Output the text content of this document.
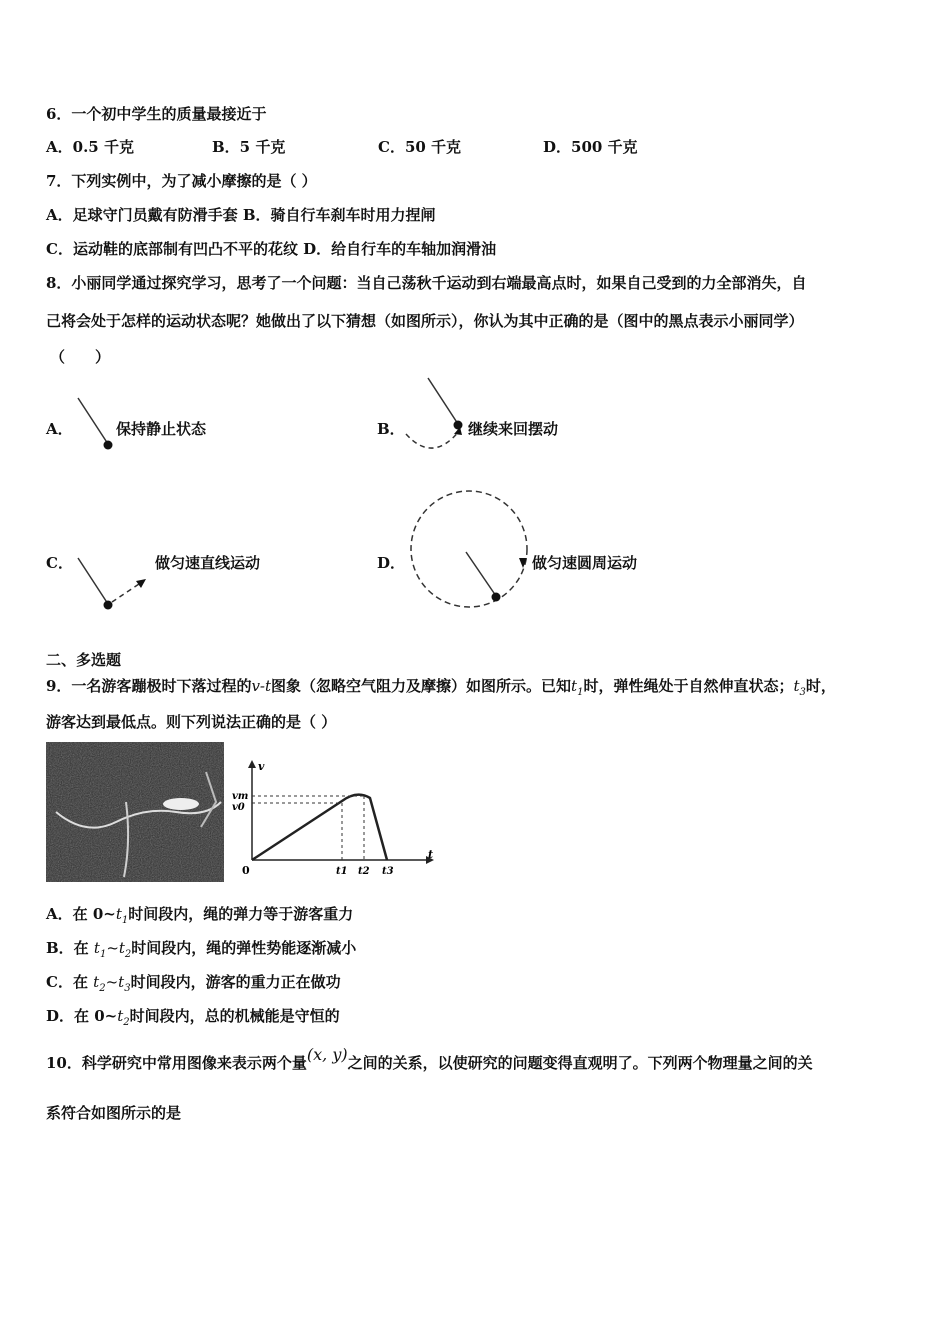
6．一个初中学生的质量最接近于
A．0.5 千克	B．5 千克	C．50 千克	D．500 千克
7．下列实例中，为了减小摩擦的是（ ）
A．足球守门员戴有防滑手套 B．骑自行车刹车时用力捏闸
C．运动鞋的底部制有凹凸不平的花纹 D．给自行车的车轴加润滑油
8．小丽同学通过探究学习，思考了一个问题：当自己荡秋千运动到右端最高点时，如果自己受到的力全部消失，自
己将会处于怎样的运动状态呢？她做出了以下猜想（如图所示），你认为其中正确的是（图中的黑点表示小丽同学）
（　　）
A．	保持静止状态	B．	继续来回摆动
C．	做匀速直线运动	D．	做匀速圆周运动
二、多选题
9．一名游客蹦极时下落过程的v-t图象（忽略空气阻力及摩擦）如图所示。已知$t_1$时，弹性绳处于自然伸直状态；$t_3$时，
游客达到最低点。则下列说法正确的是（ ）
v
t
0
vm
v0
t1 t2 t3
A．在 $0\sim t_1$时间段内，绳的弹力等于游客重力
B．在 $t_1\sim t_2$时间段内，绳的弹性势能逐渐减小
C．在 $t_2\sim t_3$时间段内，游客的重力正在做功
D．在 $0\sim t_2$时间段内，总的机械能是守恒的
10．科学研究中常用图像来表示两个量(x, y)之间的关系，以使研究的问题变得直观明了。下列两个物理量之间的关
系符合如图所示的是
